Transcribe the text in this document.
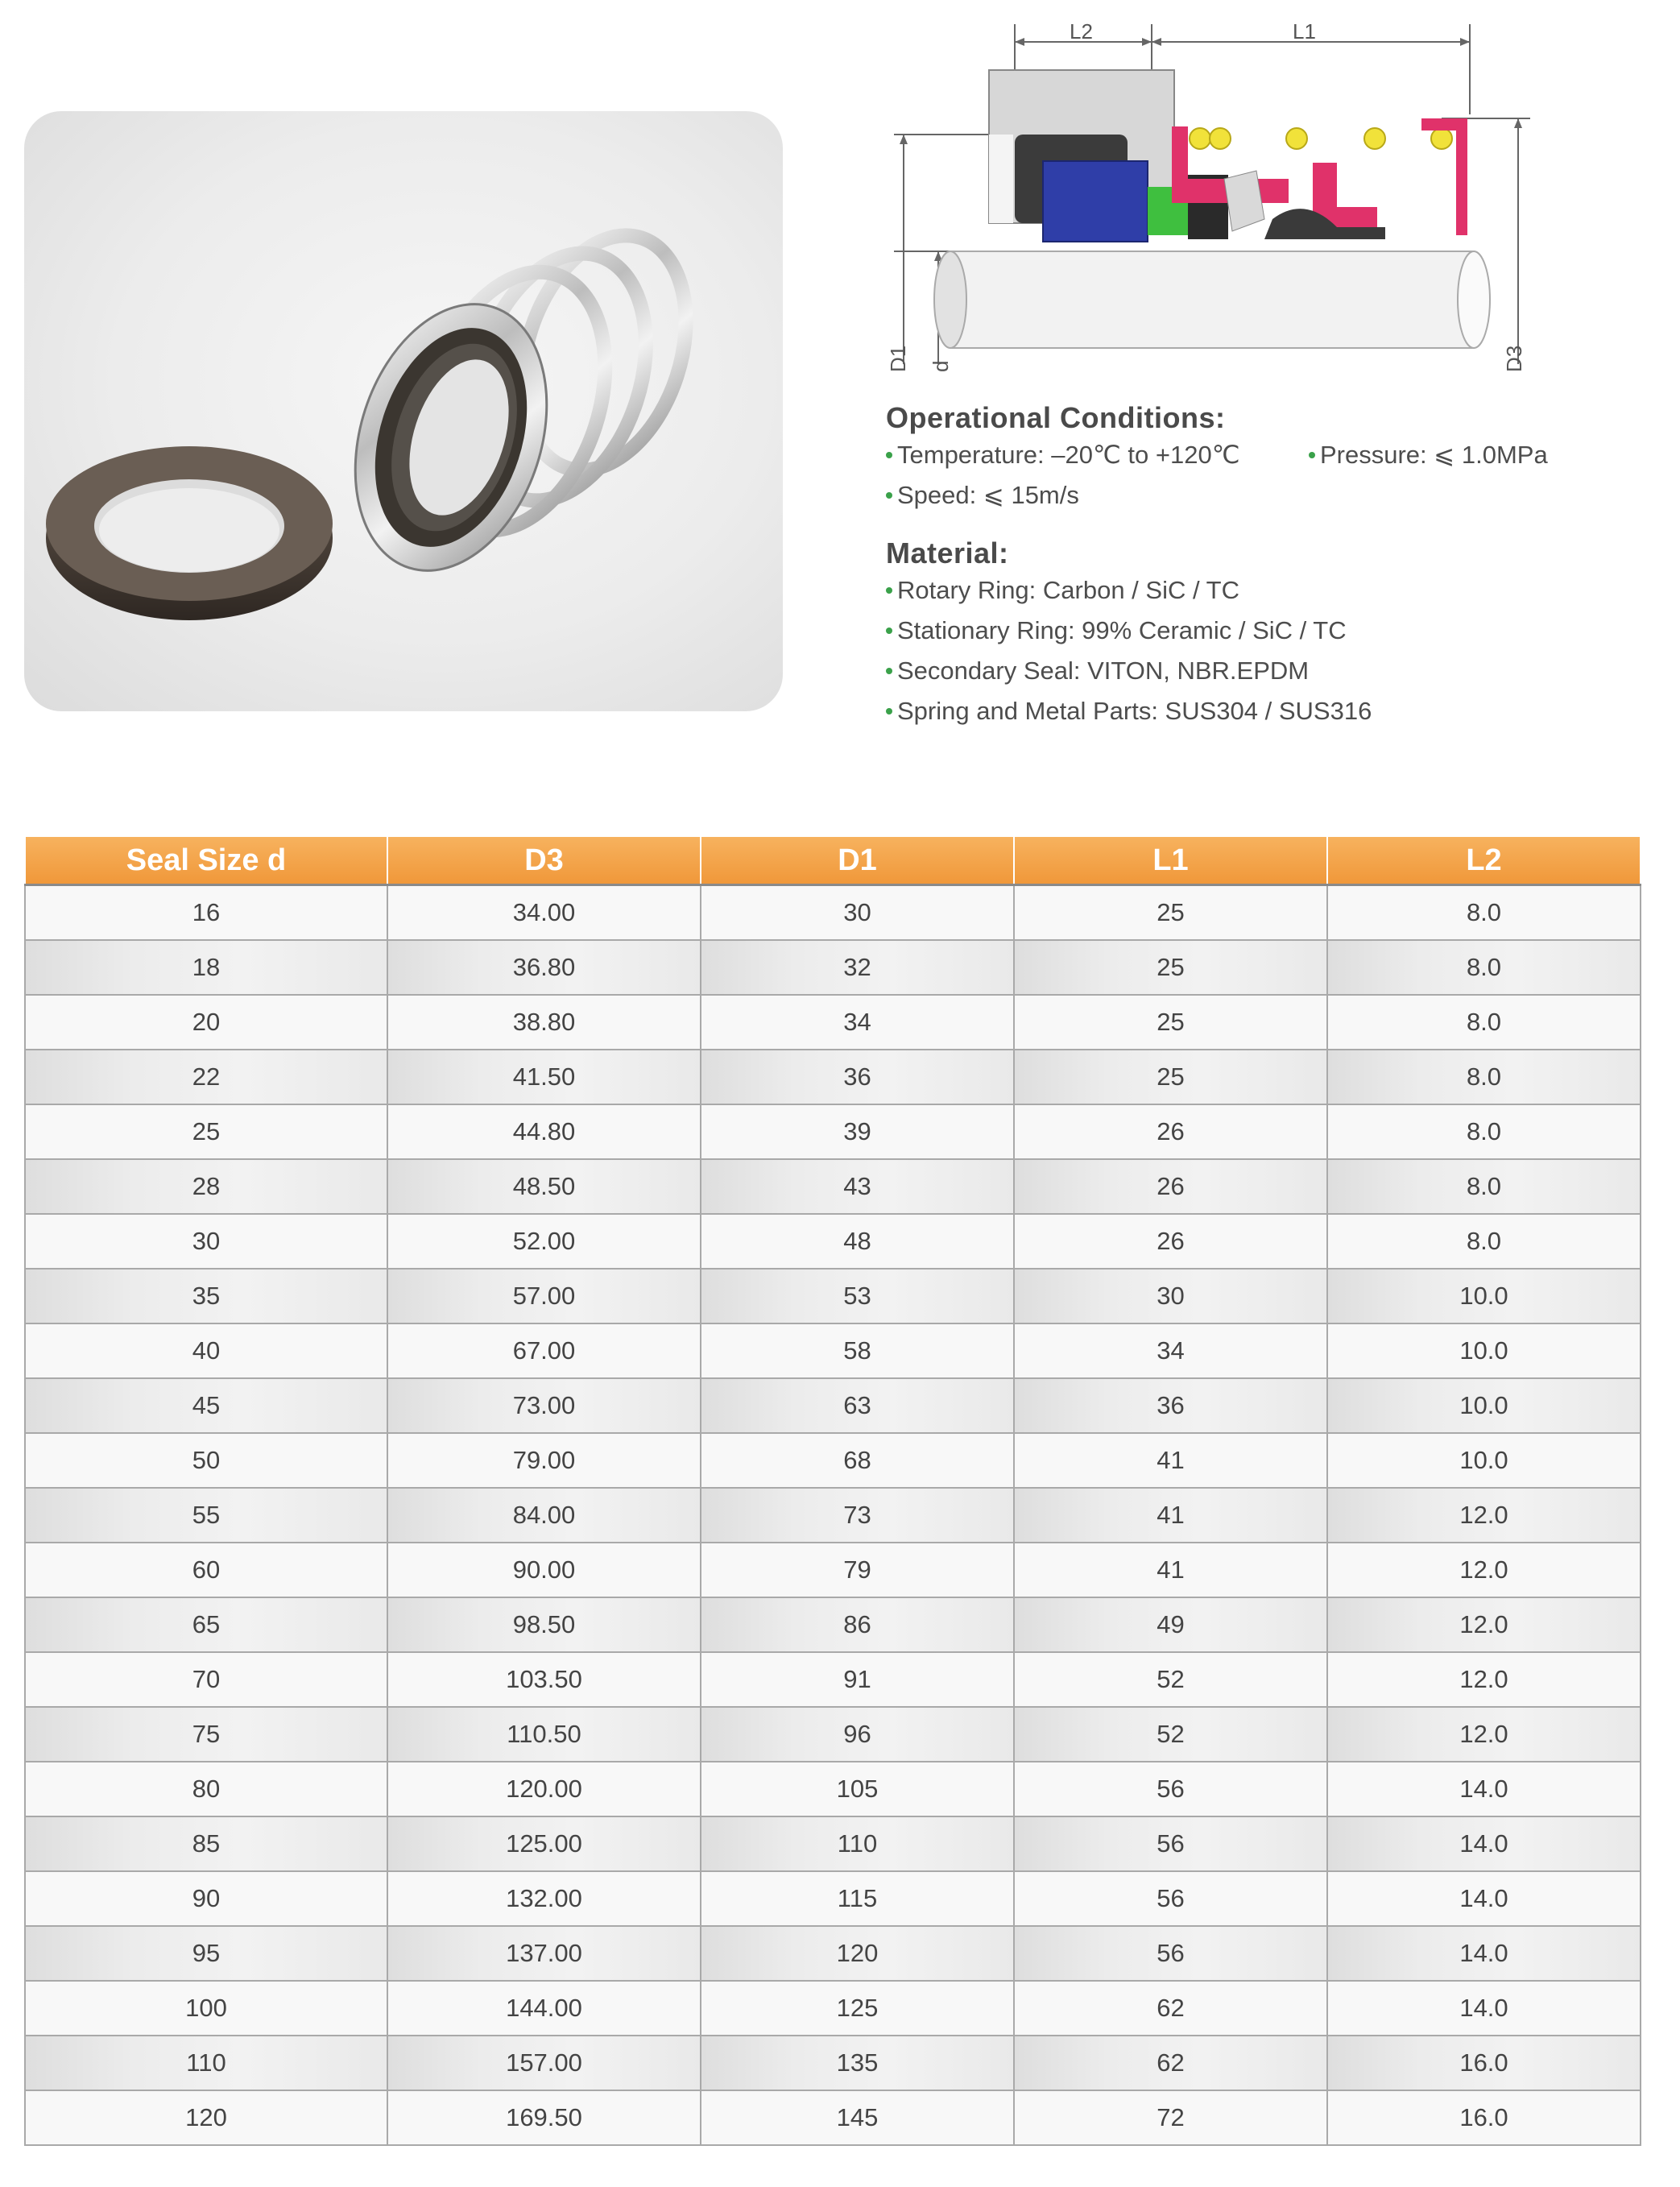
L2	L1
D1 d	D3
Operational Conditions:
Temperature: –20℃ to +120℃	Pressure: ⩽ 1.0MPa
Speed: ⩽ 15m/s
Material:
Rotary Ring: Carbon / SiC / TC
Stationary Ring: 99% Ceramic / SiC / TC
Secondary Seal: VITON, NBR.EPDM
Spring and Metal Parts: SUS304 / SUS316
Seal Size d	D3	D1	L1	L2
16	34.00	30	25	8.0
18	36.80	32	25	8.0
20	38.80	34	25	8.0
22	41.50	36	25	8.0
25	44.80	39	26	8.0
28	48.50	43	26	8.0
30	52.00	48	26	8.0
35	57.00	53	30	10.0
40	67.00	58	34	10.0
45	73.00	63	36	10.0
50	79.00	68	41	10.0
55	84.00	73	41	12.0
60	90.00	79	41	12.0
65	98.50	86	49	12.0
70	103.50	91	52	12.0
75	110.50	96	52	12.0
80	120.00	105	56	14.0
85	125.00	110	56	14.0
90	132.00	115	56	14.0
95	137.00	120	56	14.0
100	144.00	125	62	14.0
110	157.00	135	62	16.0
120	169.50	145	72	16.0
